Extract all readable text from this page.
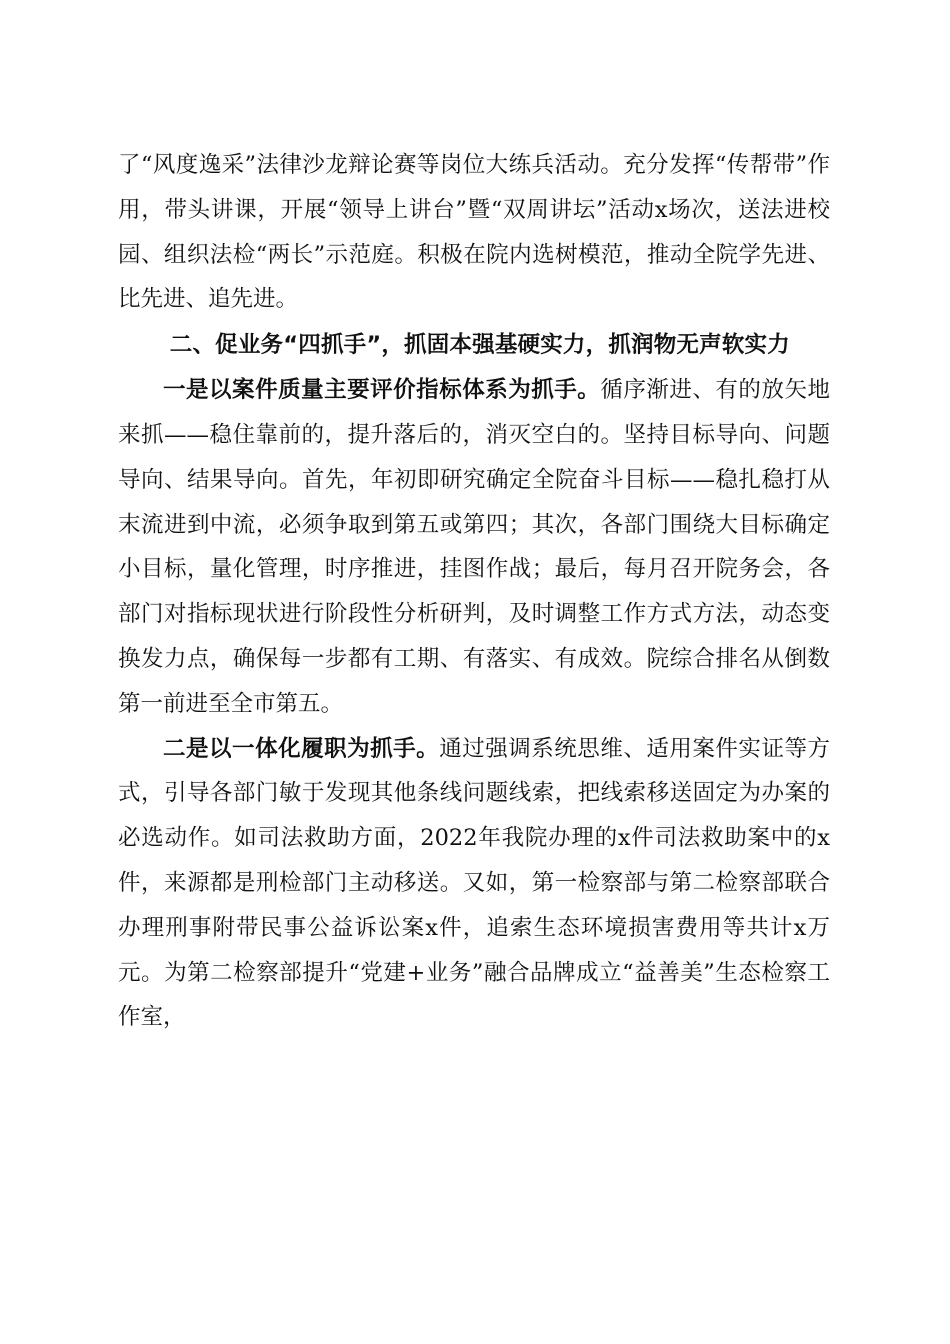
了“风度逸采”法律沙龙辩论赛等岗位大练兵活动。充分发挥“传帮带”作用，带头讲课，开展“领导上讲台”暨“双周讲坛”活动x场次，送法进校园、组织法检“两长”示范庭。积极在院内选树模范，推动全院学先进、比先进、追先进。

二、促业务“四抓手”，抓固本强基硬实力，抓润物无声软实力

一是以案件质量主要评价指标体系为抓手。循序渐进、有的放矢地来抓——稳住靠前的，提升落后的，消灭空白的。坚持目标导向、问题导向、结果导向。首先，年初即研究确定全院奋斗目标——稳扎稳打从末流进到中流，必须争取到第五或第四；其次，各部门围绕大目标确定小目标，量化管理，时序推进，挂图作战；最后，每月召开院务会，各部门对指标现状进行阶段性分析研判，及时调整工作方式方法，动态变换发力点，确保每一步都有工期、有落实、有成效。院综合排名从倒数第一前进至全市第五。

二是以一体化履职为抓手。通过强调系统思维、适用案件实证等方式，引导各部门敏于发现其他条线问题线索，把线索移送固定为办案的必选动作。如司法救助方面，2022年我院办理的x件司法救助案中的x件，来源都是刑检部门主动移送。又如，第一检察部与第二检察部联合办理刑事附带民事公益诉讼案x件，追索生态环境损害费用等共计x万元。为第二检察部提升“党建+业务”融合品牌成立“益善美”生态检察工作室，
